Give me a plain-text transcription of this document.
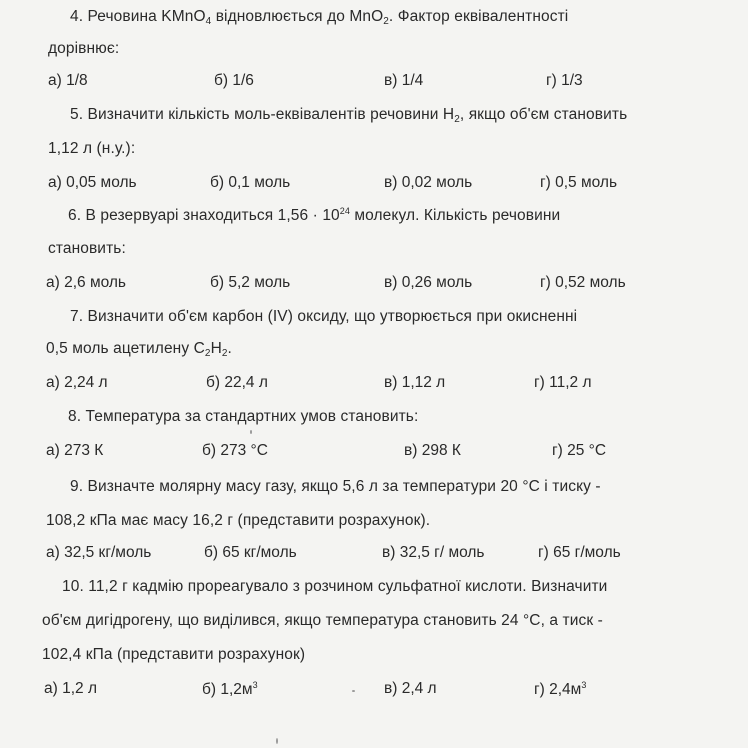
4. Речовина KMnO$_4$ відновлюється до MnO$_2$. Фактор еквівалентності
дорівнює:
а) 1/8	б) 1/6	в) 1/4	г) 1/3
5. Визначити кількість моль-еквівалентів речовини $H_2$, якщо об'єм становить
1,12 л (н.у.):
а) 0,05 моль	б) 0,1 моль	в) 0,02 моль	г) 0,5 моль
6. В резервуарі знаходиться $1,56 \cdot 10^{24}$ молекул. Кількість речовини
становить:
а) 2,6 моль	б) 5,2 моль	в) 0,26 моль	г) 0,52 моль
7. Визначити об'єм карбон (IV) оксиду, що утворюється при окисненні
0,5 моль ацетилену $C_2H_2$.
а) 2,24 л	б) 22,4 л	в) 1,12 л	г) 11,2 л
8. Температура за стандартних умов становить:
а) 273 К	б) 273 °С	в) 298 К	г) 25 °С
9. Визначте молярну масу газу, якщо 5,6 л за температури 20 °С і тиску -
108,2 кПа має масу 16,2 г (представити розрахунок).
а) 32,5 кг/моль	б) 65 кг/моль	в) 32,5 г/ моль	г) 65 г/моль
10. 11,2 г кадмію прореагувало з розчином сульфатної кислоти. Визначити
об'єм дигідрогену, що виділився, якщо температура становить 24 °С, а тиск -
102,4 кПа (представити розрахунок)
а) 1,2 л	б) $1,2м^3$	в) 2,4 л	г) $2,4м^3$
